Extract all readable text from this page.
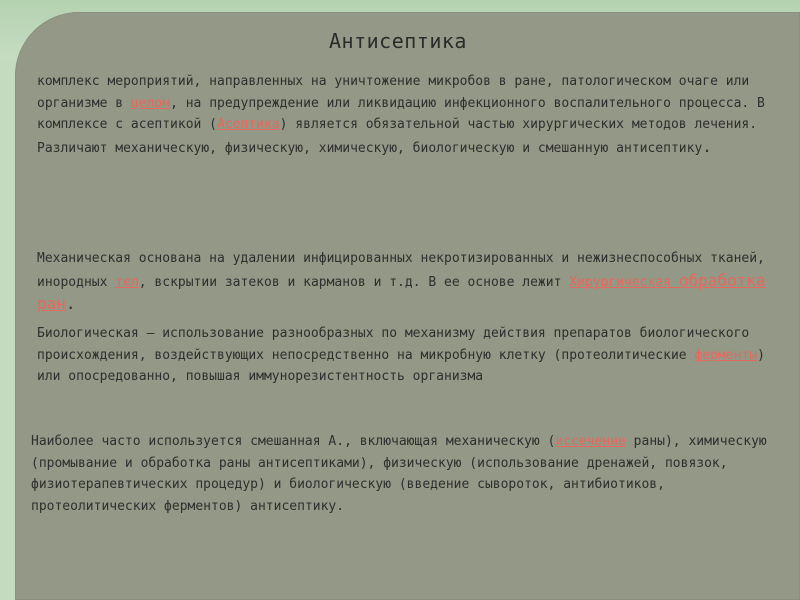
Антисептика

комплекс мероприятий, направленных на уничтожение микробов в ране, патологическом очаге или организме в целом, на предупреждение или ликвидацию инфекционного воспалительного процесса. В комплексе с асептикой (Асептика) является обязательной частью хирургических методов лечения. Различают механическую, физическую, химическую, биологическую и смешанную антисептику.

Механическая основана на удалении инфицированных некротизированных и нежизнеспособных тканей, инородных тел, вскрытии затеков и карманов и т.д. В ее основе лежит Хирургическая обработка ран.

Биологическая — использование разнообразных по механизму действия препаратов биологического происхождения, воздействующих непосредственно на микробную клетку (протеолитические ферменты) или опосредованно, повышая иммунорезистентность организма

Наиболее часто используется смешанная А., включающая механическую (иссечение раны), химическую (промывание и обработка раны антисептиками), физическую (использование дренажей, повязок, физиотерапевтических процедур) и биологическую (введение сывороток, антибиотиков, протеолитических ферментов) антисептику.
